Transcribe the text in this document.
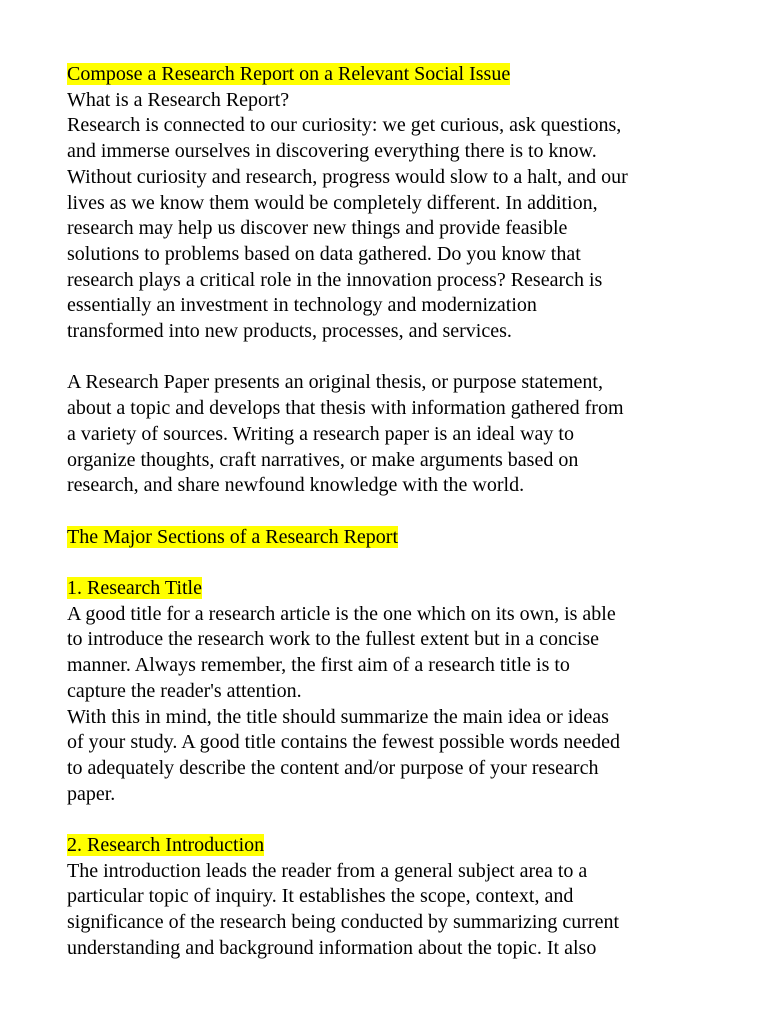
Compose a Research Report on a Relevant Social Issue
What is a Research Report?
Research is connected to our curiosity: we get curious, ask questions,
and immerse ourselves in discovering everything there is to know.
Without curiosity and research, progress would slow to a halt, and our
lives as we know them would be completely different. In addition,
research may help us discover new things and provide feasible
solutions to problems based on data gathered. Do you know that
research plays a critical role in the innovation process? Research is
essentially an investment in technology and modernization
transformed into new products, processes, and services.
A Research Paper presents an original thesis, or purpose statement,
about a topic and develops that thesis with information gathered from
a variety of sources. Writing a research paper is an ideal way to
organize thoughts, craft narratives, or make arguments based on
research, and share newfound knowledge with the world.
The Major Sections of a Research Report
1. Research Title
A good title for a research article is the one which on its own, is able
to introduce the research work to the fullest extent but in a concise
manner. Always remember, the first aim of a research title is to
capture the reader's attention.
With this in mind, the title should summarize the main idea or ideas
of your study. A good title contains the fewest possible words needed
to adequately describe the content and/or purpose of your research
paper.
2. Research Introduction
The introduction leads the reader from a general subject area to a
particular topic of inquiry. It establishes the scope, context, and
significance of the research being conducted by summarizing current
understanding and background information about the topic. It also
